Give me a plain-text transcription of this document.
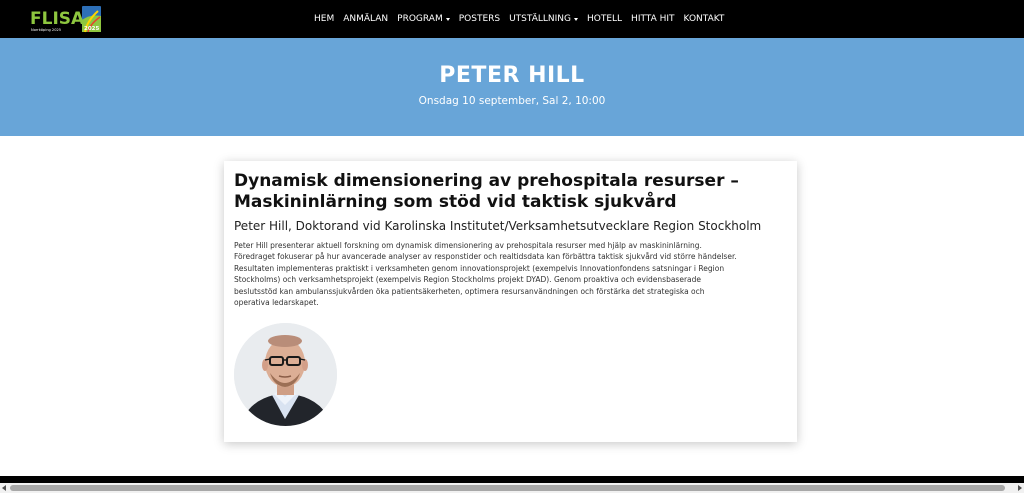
FLISA
Norrköping 2025	2025
HEM ANMÄLAN PROGRAM POSTERS UTSTÄLLNING HOTELL HITTA HIT KONTAKT
PETER HILL
Onsdag 10 september, Sal 2, 10:00
Dynamisk dimensionering av prehospitala resurser –
Maskininlärning som stöd vid taktisk sjukvård
Peter Hill, Doktorand vid Karolinska Institutet/Verksamhetsutvecklare Region Stockholm
Peter Hill presenterar aktuell forskning om dynamisk dimensionering av prehospitala resurser med hjälp av maskininlärning.
Föredraget fokuserar på hur avancerade analyser av responstider och realtidsdata kan förbättra taktisk sjukvård vid större händelser.
Resultaten implementeras praktiskt i verksamheten genom innovationsprojekt (exempelvis Innovationfondens satsningar i Region
Stockholms) och verksamhetsprojekt (exempelvis Region Stockholms projekt DYAD). Genom proaktiva och evidensbaserade
beslutsstöd kan ambulanssjukvården öka patientsäkerheten, optimera resursanvändningen och förstärka det strategiska och
operativa ledarskapet.
